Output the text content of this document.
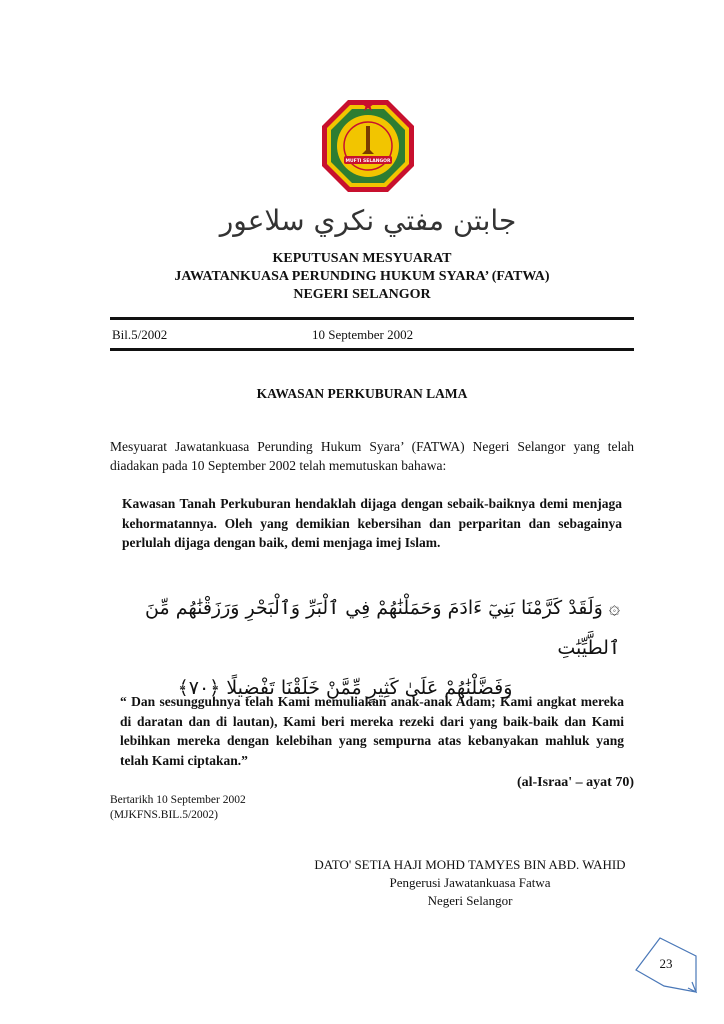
MUFTI SELANGOR
جابتن مفتي نكري سلاعور
KEPUTUSAN MESYUARAT
JAWATANKUASA PERUNDING HUKUM SYARA’ (FATWA)
NEGERI SELANGOR
Bil.5/2002	10 September 2002
KAWASAN PERKUBURAN LAMA
Mesyuarat Jawatankuasa Perunding Hukum Syara’ (FATWA) Negeri Selangor yang telah diadakan pada 10 September 2002 telah memutuskan bahawa:
Kawasan Tanah Perkuburan hendaklah dijaga dengan sebaik-baiknya demi menjaga kehormatannya. Oleh yang demikian kebersihan dan perparitan dan sebagainya perlulah dijaga dengan baik, demi menjaga imej Islam.
۞ وَلَقَدْ كَرَّمْنَا بَنِيٓ ءَادَمَ وَحَمَلْنَٰهُمْ فِي ٱلْبَرِّ وَٱلْبَحْرِ وَرَزَقْنَٰهُم مِّنَ ٱلطَّيِّبَٰتِ
وَفَضَّلْنَٰهُمْ عَلَىٰ كَثِيرٍ مِّمَّنْ خَلَقْنَا تَفْضِيلًا ﴿٧٠﴾
“ Dan sesungguhnya telah Kami memuliakan anak-anak Adam; Kami angkat mereka di daratan dan di lautan), Kami beri mereka rezeki dari yang baik-baik dan Kami lebihkan mereka dengan kelebihan yang sempurna atas kebanyakan mahluk yang telah Kami ciptakan.”
(al-Israa' – ayat 70)
Bertarikh 10 September 2002
(MJKFNS.BIL.5/2002)
DATO' SETIA HAJI MOHD TAMYES BIN ABD. WAHID
Pengerusi Jawatankuasa Fatwa
Negeri Selangor
23
